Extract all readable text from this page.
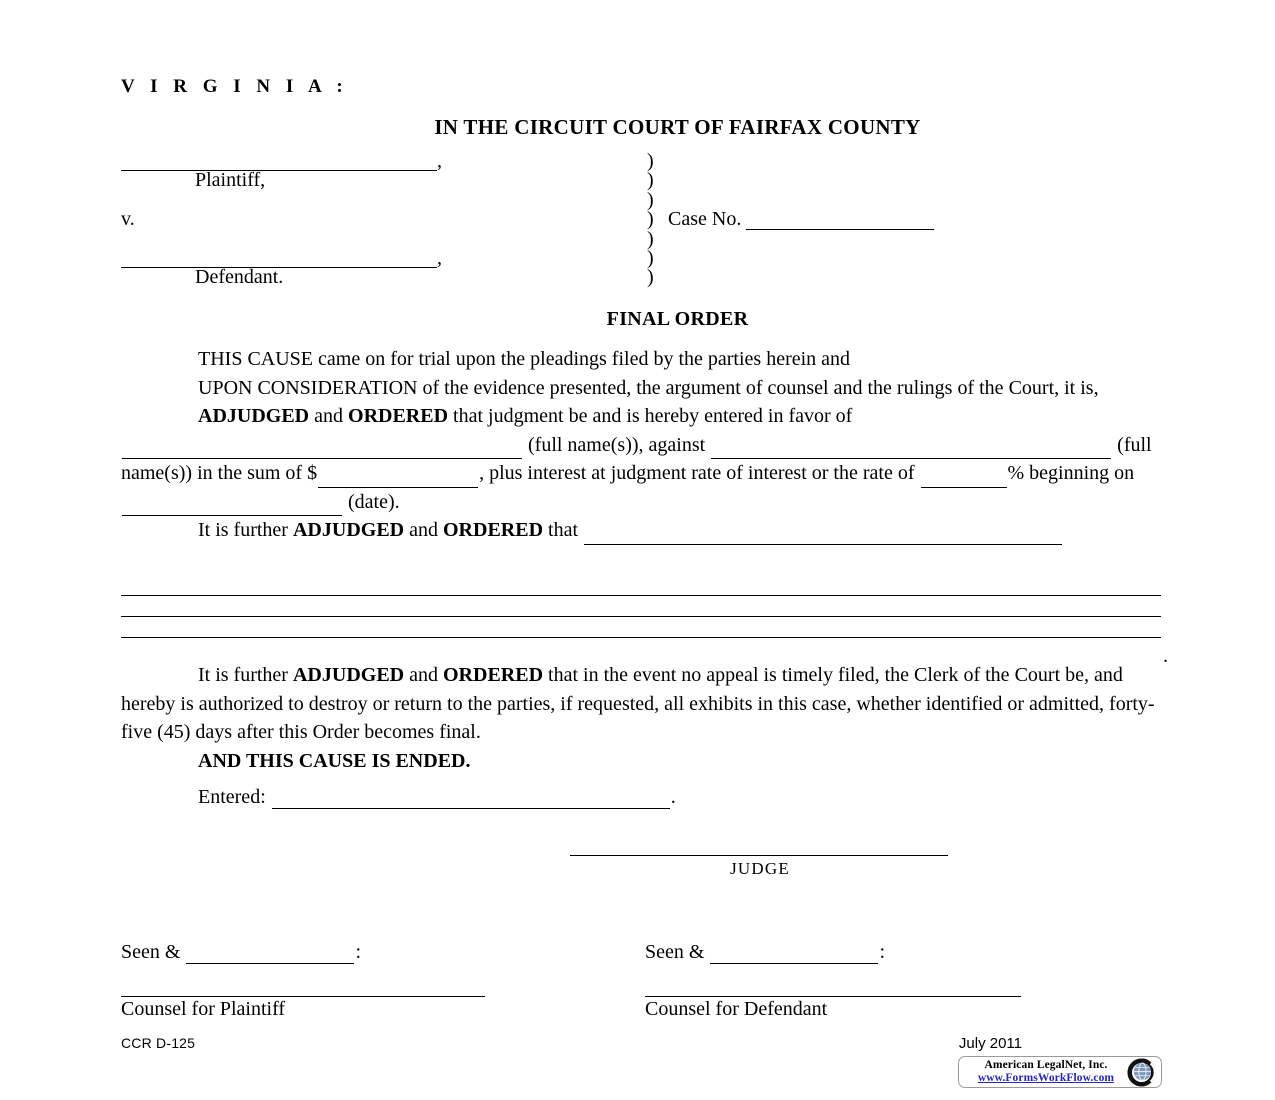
V I R G I N I A :
IN THE CIRCUIT COURT OF FAIRFAX COUNTY
,	)
Plaintiff,	)
)
v.	) Case No.
)
,	)
Defendant.	)
FINAL ORDER

THIS CAUSE came on for trial upon the pleadings filed by the parties herein and

UPON CONSIDERATION of the evidence presented, the argument of counsel and the rulings of the Court, it is,

ADJUDGED and ORDERED that judgment be and is hereby entered in favor of  (full name(s)), against	(full name(s)) in the sum of $	, plus interest at judgment rate of interest or the rate of	% beginning on  (date).

It is further ADJUDGED and ORDERED that

.

It is further ADJUDGED and ORDERED that in the event no appeal is timely filed, the Clerk of the Court be, and hereby is authorized to destroy or return to the parties, if requested, all exhibits in this case, whether identified or admitted, forty-five (45) days after this Order becomes final.

AND THIS CAUSE IS ENDED.

Entered:	.
JUDGE
Seen &	:	Seen &	:
Counsel for Plaintiff	Counsel for Defendant
CCR D-125	July 2011
American LegalNet, Inc.
www.FormsWorkFlow.com
